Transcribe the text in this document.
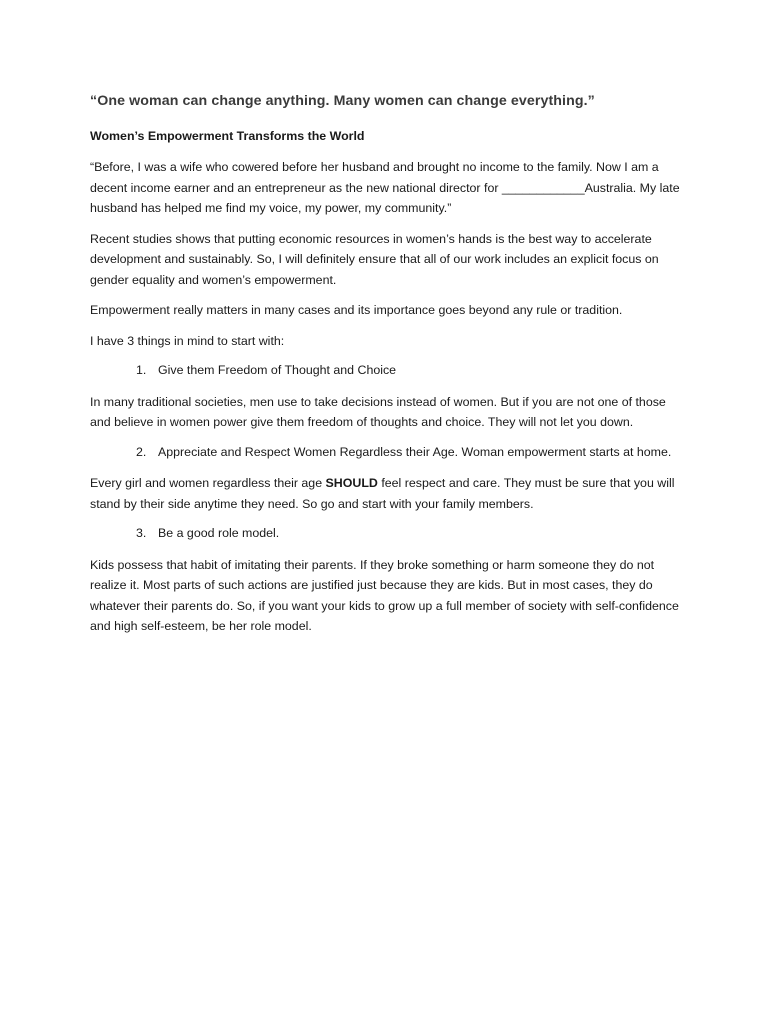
“One woman can change anything. Many women can change everything.”
Women’s Empowerment Transforms the World

“Before, I was a wife who cowered before her husband and brought no income to the family. Now I am a decent income earner and an entrepreneur as the new national director for ____________Australia. My late husband has helped me find my voice, my power, my community.”

Recent studies shows that putting economic resources in women’s hands is the best way to accelerate development and sustainably. So, I will definitely ensure that all of our work includes an explicit focus on gender equality and women’s empowerment.

Empowerment really matters in many cases and its importance goes beyond any rule or tradition.

I have 3 things in mind to start with:

1. Give them Freedom of Thought and Choice

In many traditional societies, men use to take decisions instead of women. But if you are not one of those and believe in women power give them freedom of thoughts and choice. They will not let you down.

2. Appreciate and Respect Women Regardless their Age. Woman empowerment starts at home.

Every girl and women regardless their age SHOULD feel respect and care. They must be sure that you will stand by their side anytime they need. So go and start with your family members.

3. Be a good role model.

Kids possess that habit of imitating their parents. If they broke something or harm someone they do not realize it. Most parts of such actions are justified just because they are kids. But in most cases, they do whatever their parents do. So, if you want your kids to grow up a full member of society with self-confidence and high self-esteem, be her role model.
